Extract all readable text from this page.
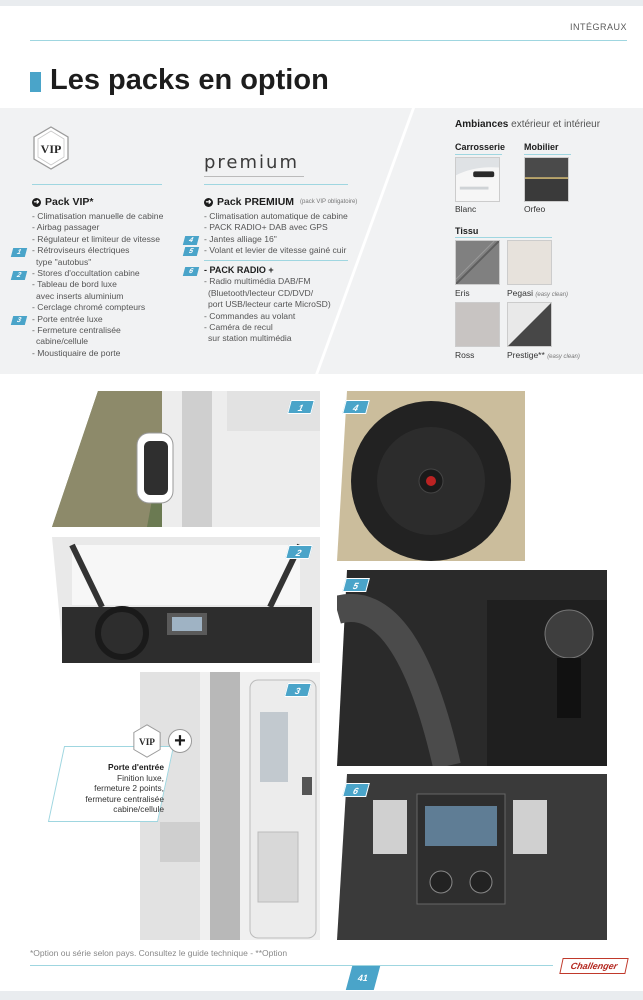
INTÉGRAUX
Les packs en option
VIP
premium
➜ Pack VIP*
- Climatisation manuelle de cabine
- Airbag passager
- Régulateur et limiteur de vitesse
- Rétroviseurs électriques
type "autobus"
- Stores d'occultation cabine
- Tableau de bord luxe
avec inserts aluminium
- Cerclage chromé compteurs
- Porte entrée luxe
- Fermeture centralisée
cabine/cellule
- Moustiquaire de porte
1
2
3
➜ Pack PREMIUM (pack VIP obligatoire)
- Climatisation automatique de cabine
- PACK RADIO+ DAB avec GPS
- Jantes alliage 16"
- Volant et levier de vitesse gainé cuir
- PACK RADIO +
- Radio multimédia DAB/FM
(Bluetooth/lecteur CD/DVD/
port USB/lecteur carte MicroSD)
- Commandes au volant
- Caméra de recul
sur station multimédia
4
5
6
Ambiances extérieur et intérieur
Carrosserie Mobilier
Blanc	Orfeo
Tissu
Eris	Pegasi (easy clean)
Ross	Prestige** (easy clean)
1
2
3
VIP +
Porte d'entrée
Finition luxe,
fermeture 2 points,
fermeture centralisée
cabine/cellule
4
5
6
*Option ou série selon pays. Consultez le guide technique - **Option
41
Challenger
